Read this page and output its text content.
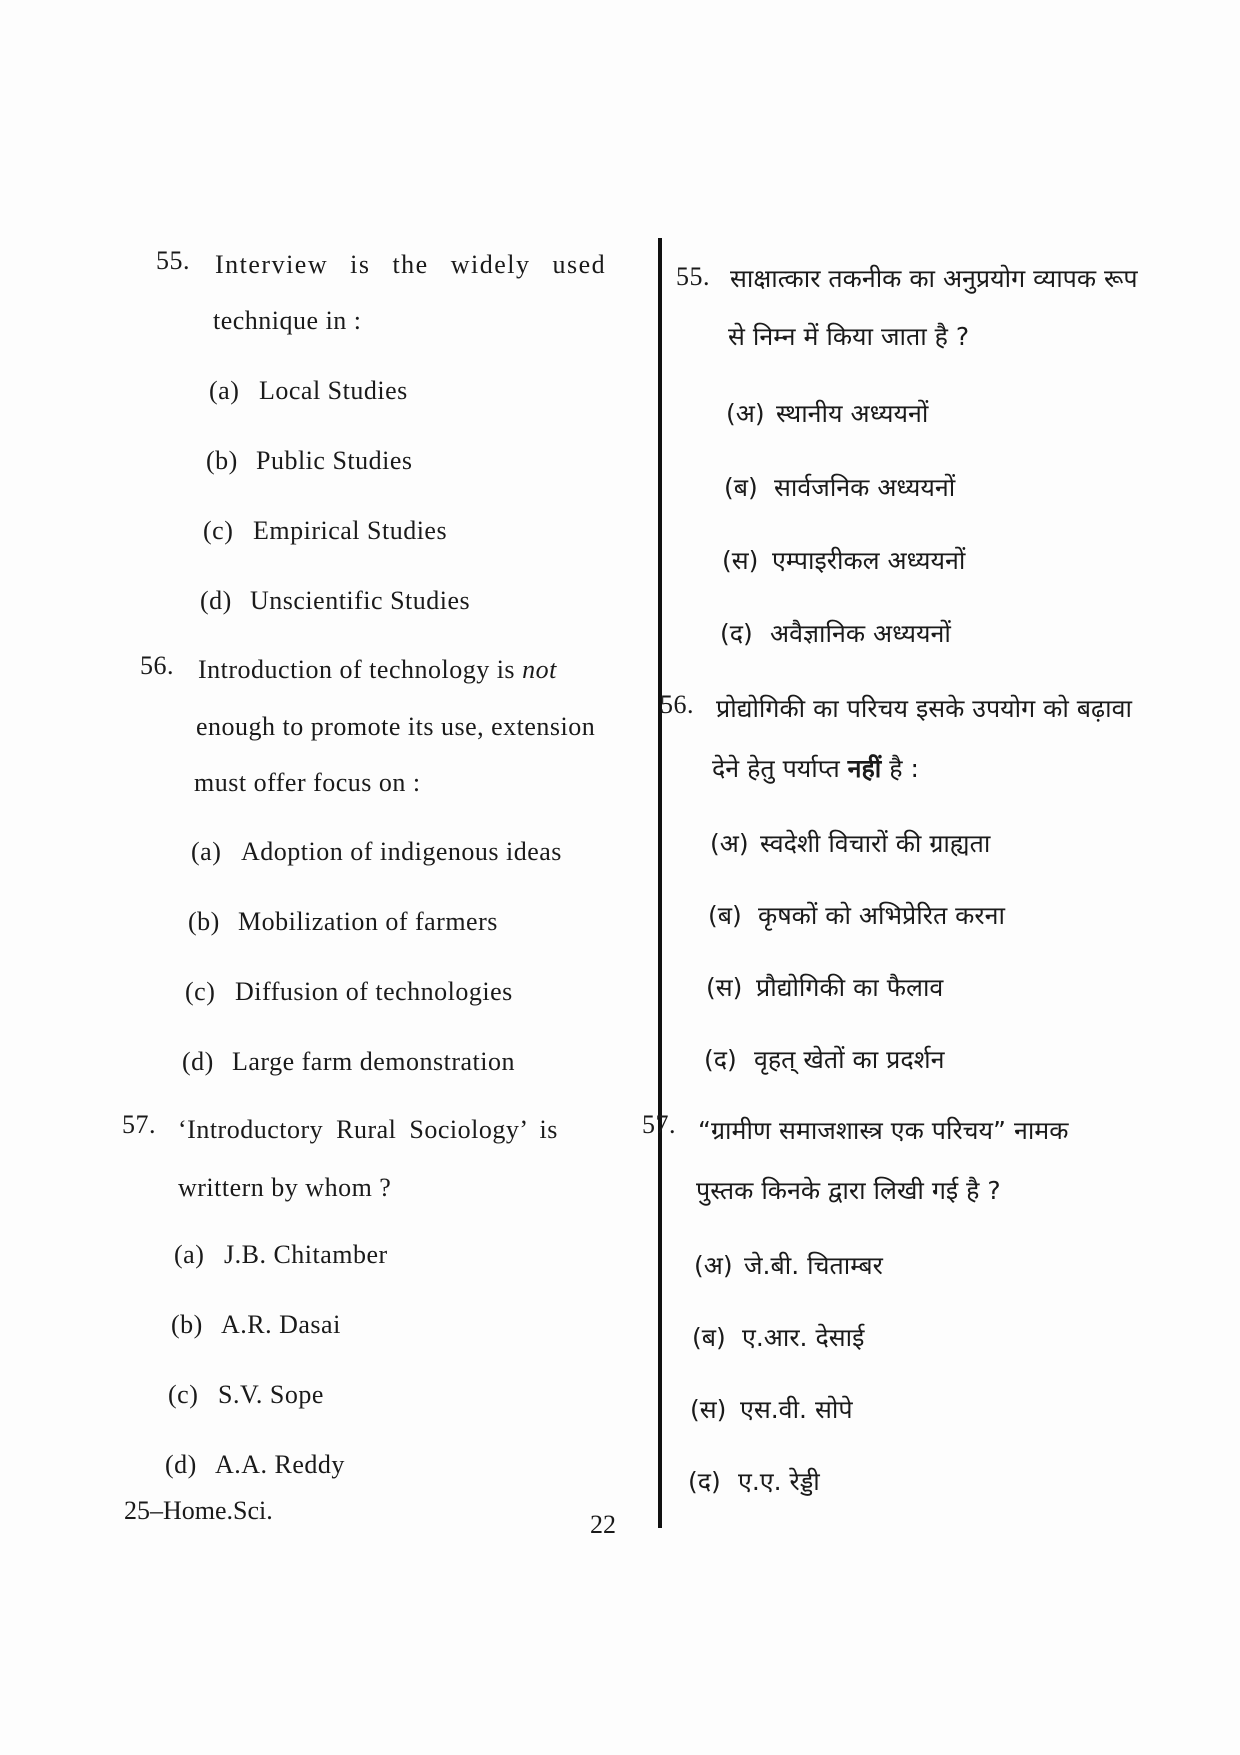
55. Interview is the widely used
technique in :
(a) Local Studies
(b) Public Studies
(c) Empirical Studies
(d) Unscientific Studies
56. Introduction of technology is not
enough to promote its use, extension
must offer focus on :
(a) Adoption of indigenous ideas
(b) Mobilization of farmers
(c) Diffusion of technologies
(d) Large farm demonstration
57. ‘Introductory Rural Sociology’ is
writtern by whom ?
(a) J.B. Chitamber
(b) A.R. Dasai
(c) S.V. Sope
(d) A.A. Reddy
55. साक्षात्कार तकनीक का अनुप्रयोग व्यापक रूप
से निम्न में किया जाता है ?
(अ) स्थानीय अध्ययनों
(ब) सार्वजनिक अध्ययनों
(स) एम्पाइरीकल अध्ययनों
(द) अवैज्ञानिक अध्ययनों
56. प्रोद्योगिकी का परिचय इसके उपयोग को बढ़ावा
देने हेतु पर्याप्त नहीं है :
(अ) स्वदेशी विचारों की ग्राह्यता
(ब) कृषकों को अभिप्रेरित करना
(स) प्रौद्योगिकी का फैलाव
(द) वृहत् खेतों का प्रदर्शन
57. “ग्रामीण समाजशास्त्र एक परिचय” नामक
पुस्तक किनके द्वारा लिखी गई है ?
(अ) जे.बी. चिताम्बर
(ब) ए.आर. देसाई
(स) एस.वी. सोपे
(द) ए.ए. रेड्डी
25–Home.Sci.	22
